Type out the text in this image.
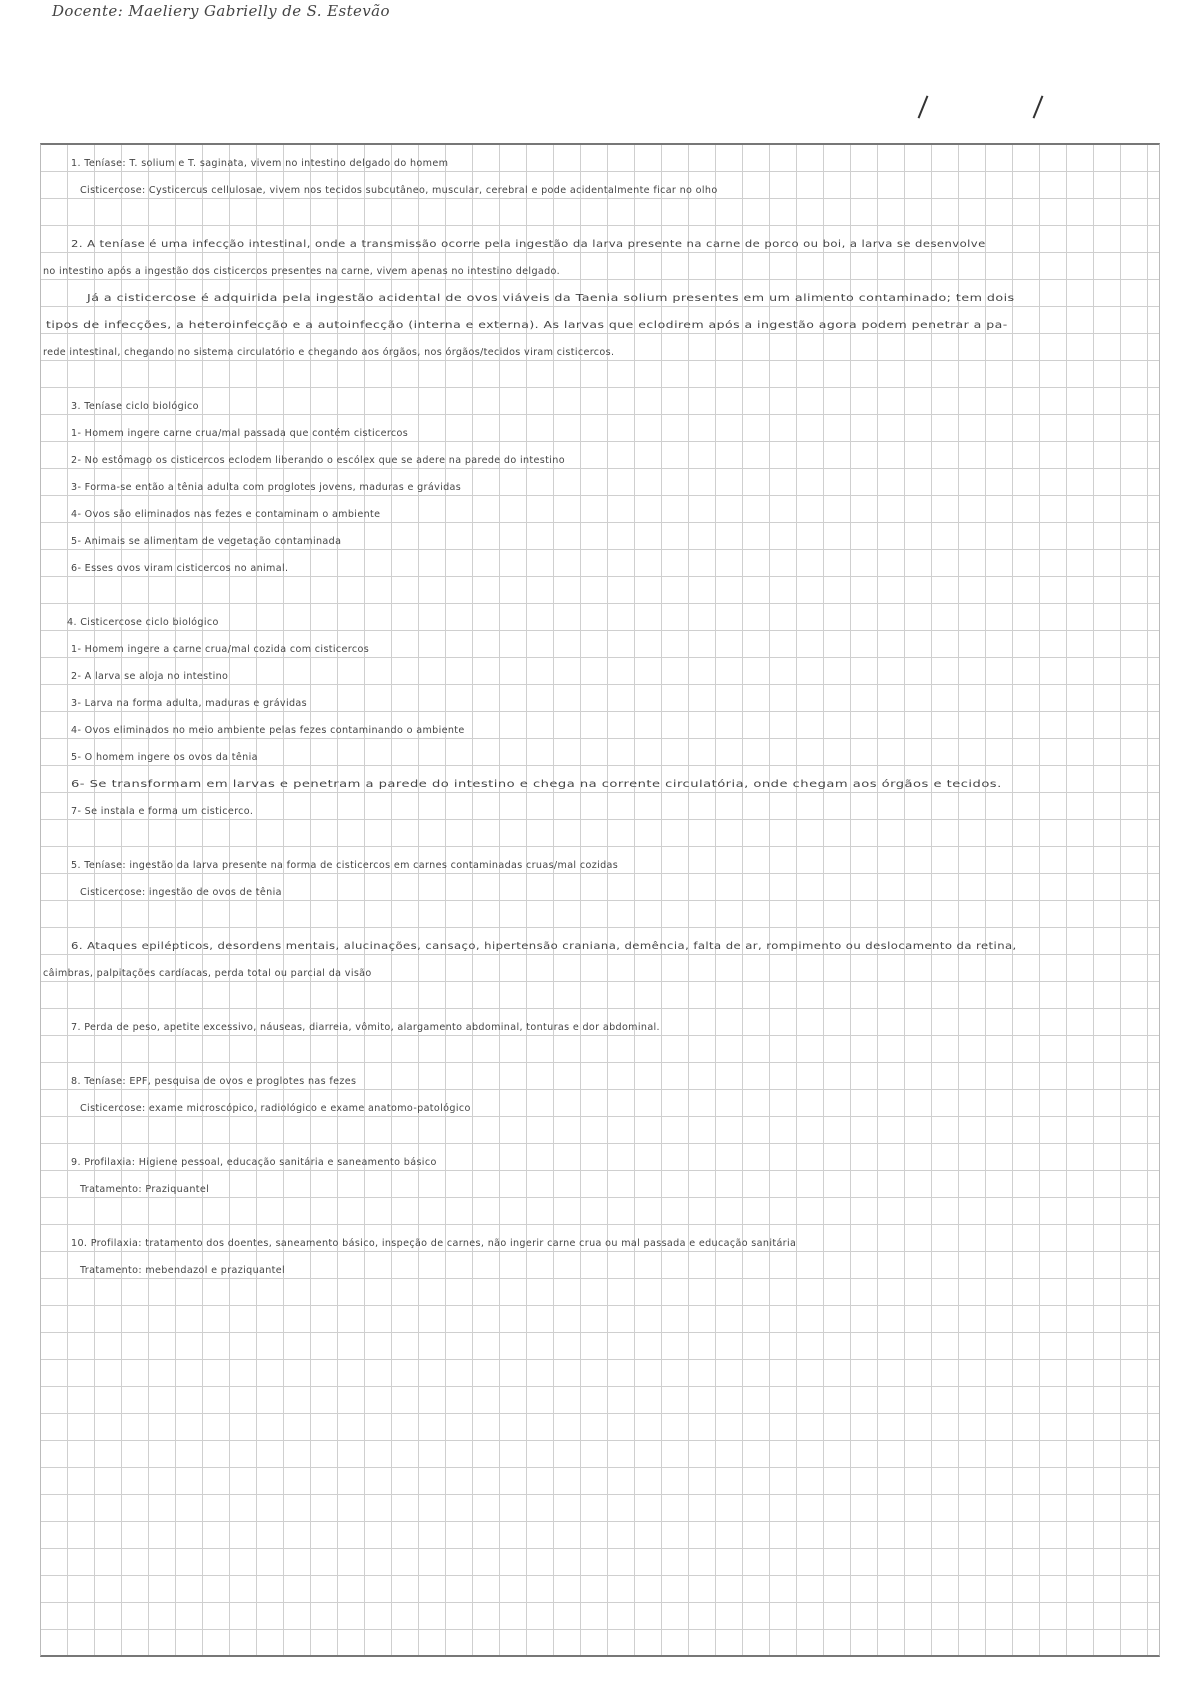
Docente: Maeliery Gabrielly de S. Estevão
1. Teníase: T. solium e T. saginata, vivem no intestino delgado do homem
Cisticercose: Cysticercus cellulosae, vivem nos tecidos subcutâneo, muscular, cerebral e pode acidentalmente ficar no olho
2. A teníase é uma infecção intestinal, onde a transmissão ocorre pela ingestão da larva presente na carne de porco ou boi, a larva se desenvolve
no intestino após a ingestão dos cisticercos presentes na carne, vivem apenas no intestino delgado.
Já a cisticercose é adquirida pela ingestão acidental de ovos viáveis da Taenia solium presentes em um alimento contaminado; tem dois
tipos de infecções, a heteroinfecção e a autoinfecção (interna e externa). As larvas que eclodirem após a ingestão agora podem penetrar a pa-
rede intestinal, chegando no sistema circulatório e chegando aos órgãos, nos órgãos/tecidos viram cisticercos.
3. Teníase ciclo biológico
1- Homem ingere carne crua/mal passada que contém cisticercos
2- No estômago os cisticercos eclodem liberando o escólex que se adere na parede do intestino
3- Forma-se então a tênia adulta com proglotes jovens, maduras e grávidas
4- Ovos são eliminados nas fezes e contaminam o ambiente
5- Animais se alimentam de vegetação contaminada
6- Esses ovos viram cisticercos no animal.
4. Cisticercose ciclo biológico
1- Homem ingere a carne crua/mal cozida com cisticercos
2- A larva se aloja no intestino
3- Larva na forma adulta, maduras e grávidas
4- Ovos eliminados no meio ambiente pelas fezes contaminando o ambiente
5- O homem ingere os ovos da tênia
6- Se transformam em larvas e penetram a parede do intestino e chega na corrente circulatória, onde chegam aos órgãos e tecidos.
7- Se instala e forma um cisticerco.
5. Teníase: ingestão da larva presente na forma de cisticercos em carnes contaminadas cruas/mal cozidas
Cisticercose: ingestão de ovos de tênia
6. Ataques epilépticos, desordens mentais, alucinações, cansaço, hipertensão craniana, demência, falta de ar, rompimento ou deslocamento da retina,
câimbras, palpitações cardíacas, perda total ou parcial da visão
7. Perda de peso, apetite excessivo, náuseas, diarreia, vômito, alargamento abdominal, tonturas e dor abdominal.
8. Teníase: EPF, pesquisa de ovos e proglotes nas fezes
Cisticercose: exame microscópico, radiológico e exame anatomo-patológico
9. Profilaxia: Higiene pessoal, educação sanitária e saneamento básico
Tratamento: Praziquantel
10. Profilaxia: tratamento dos doentes, saneamento básico, inspeção de carnes, não ingerir carne crua ou mal passada e educação sanitária
Tratamento: mebendazol e praziquantel
